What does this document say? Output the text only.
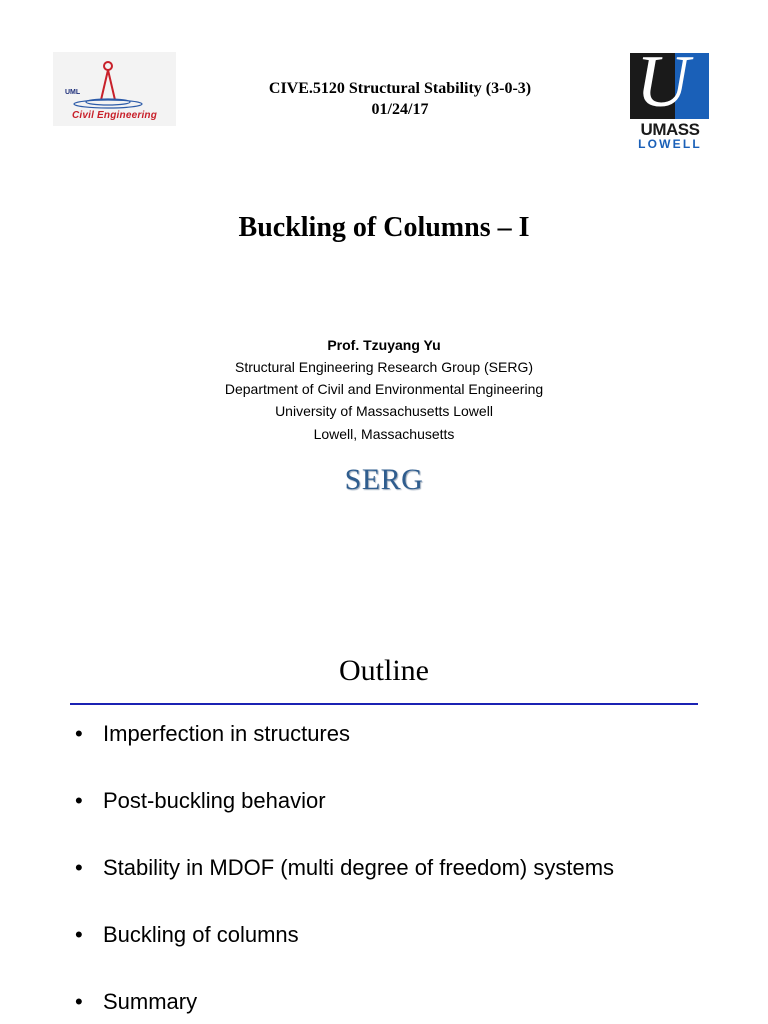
UML
Civil Engineering
CIVE.5120 Structural Stability (3-0-3)
01/24/17	U
UMASS
LOWELL
Buckling of Columns – I
Prof. Tzuyang Yu
Structural Engineering Research Group (SERG)
Department of Civil and Environmental Engineering
University of Massachusetts Lowell
Lowell, Massachusetts
SERG
Outline
• Imperfection in structures
• Post-buckling behavior
• Stability in MDOF (multi degree of freedom) systems
• Buckling of columns
• Summary
